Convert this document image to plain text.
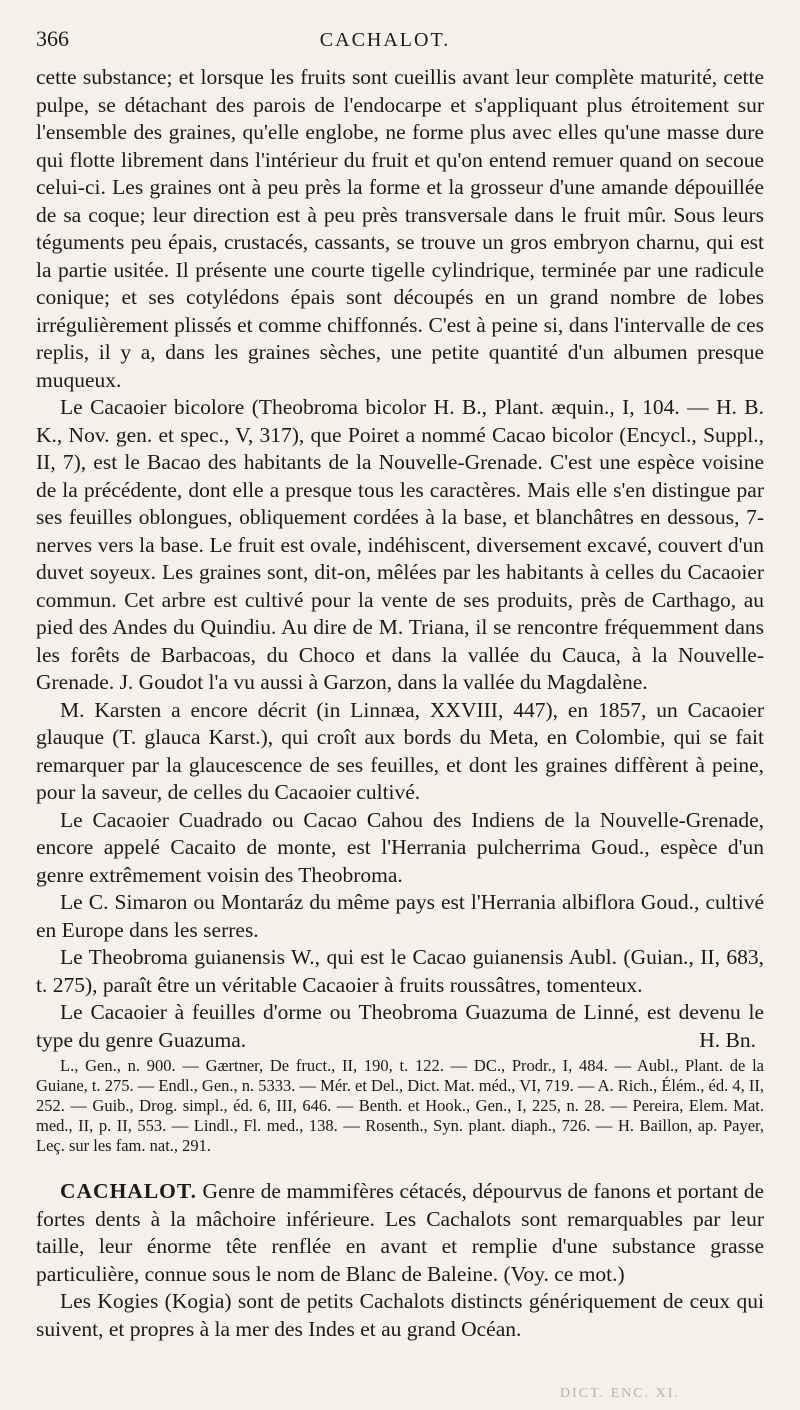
366	CACHALOT.

cette substance; et lorsque les fruits sont cueillis avant leur complète maturité, cette pulpe, se détachant des parois de l'endocarpe et s'appliquant plus étroitement sur l'ensemble des graines, qu'elle englobe, ne forme plus avec elles qu'une masse dure qui flotte librement dans l'intérieur du fruit et qu'on entend remuer quand on secoue celui-ci. Les graines ont à peu près la forme et la grosseur d'une amande dépouillée de sa coque; leur direction est à peu près transversale dans le fruit mûr. Sous leurs téguments peu épais, crustacés, cassants, se trouve un gros embryon charnu, qui est la partie usitée. Il présente une courte tigelle cylindrique, terminée par une radicule conique; et ses cotylédons épais sont découpés en un grand nombre de lobes irrégulièrement plissés et comme chiffonnés. C'est à peine si, dans l'intervalle de ces replis, il y a, dans les graines sèches, une petite quantité d'un albumen presque muqueux.

Le Cacaoier bicolore (Theobroma bicolor H. B., Plant. æquin., I, 104. — H. B. K., Nov. gen. et spec., V, 317), que Poiret a nommé Cacao bicolor (Encycl., Suppl., II, 7), est le Bacao des habitants de la Nouvelle-Grenade. C'est une espèce voisine de la précédente, dont elle a presque tous les caractères. Mais elle s'en distingue par ses feuilles oblongues, obliquement cordées à la base, et blanchâtres en dessous, 7-nerves vers la base. Le fruit est ovale, indéhiscent, diversement excavé, couvert d'un duvet soyeux. Les graines sont, dit-on, mêlées par les habitants à celles du Cacaoier commun. Cet arbre est cultivé pour la vente de ses produits, près de Carthago, au pied des Andes du Quindiu. Au dire de M. Triana, il se rencontre fréquemment dans les forêts de Barbacoas, du Choco et dans la vallée du Cauca, à la Nouvelle-Grenade. J. Goudot l'a vu aussi à Garzon, dans la vallée du Magdalène.

M. Karsten a encore décrit (in Linnæa, XXVIII, 447), en 1857, un Cacaoier glauque (T. glauca Karst.), qui croît aux bords du Meta, en Colombie, qui se fait remarquer par la glaucescence de ses feuilles, et dont les graines diffèrent à peine, pour la saveur, de celles du Cacaoier cultivé.

Le Cacaoier Cuadrado ou Cacao Cahou des Indiens de la Nouvelle-Grenade, encore appelé Cacaito de monte, est l'Herrania pulcherrima Goud., espèce d'un genre extrêmement voisin des Theobroma.

Le C. Simaron ou Montaráz du même pays est l'Herrania albiflora Goud., cultivé en Europe dans les serres.

Le Theobroma guianensis W., qui est le Cacao guianensis Aubl. (Guian., II, 683, t. 275), paraît être un véritable Cacaoier à fruits roussâtres, tomenteux.

Le Cacaoier à feuilles d'orme ou Theobroma Guazuma de Linné, est devenu le type du genre Guazuma.	H. Bn.

L., Gen., n. 900. — Gærtner, De fruct., II, 190, t. 122. — DC., Prodr., I, 484. — Aubl., Plant. de la Guiane, t. 275. — Endl., Gen., n. 5333. — Mér. et Del., Dict. Mat. méd., VI, 719. — A. Rich., Élém., éd. 4, II, 252. — Guib., Drog. simpl., éd. 6, III, 646. — Benth. et Hook., Gen., I, 225, n. 28. — Pereira, Elem. Mat. med., II, p. II, 553. — Lindl., Fl. med., 138. — Rosenth., Syn. plant. diaph., 726. — H. Baillon, ap. Payer, Leç. sur les fam. nat., 291.

CACHALOT. Genre de mammifères cétacés, dépourvus de fanons et portant de fortes dents à la mâchoire inférieure. Les Cachalots sont remarquables par leur taille, leur énorme tête renflée en avant et remplie d'une substance grasse particulière, connue sous le nom de Blanc de Baleine. (Voy. ce mot.)

Les Kogies (Kogia) sont de petits Cachalots distincts génériquement de ceux qui suivent, et propres à la mer des Indes et au grand Océan.

DICT. ENC. XI.
